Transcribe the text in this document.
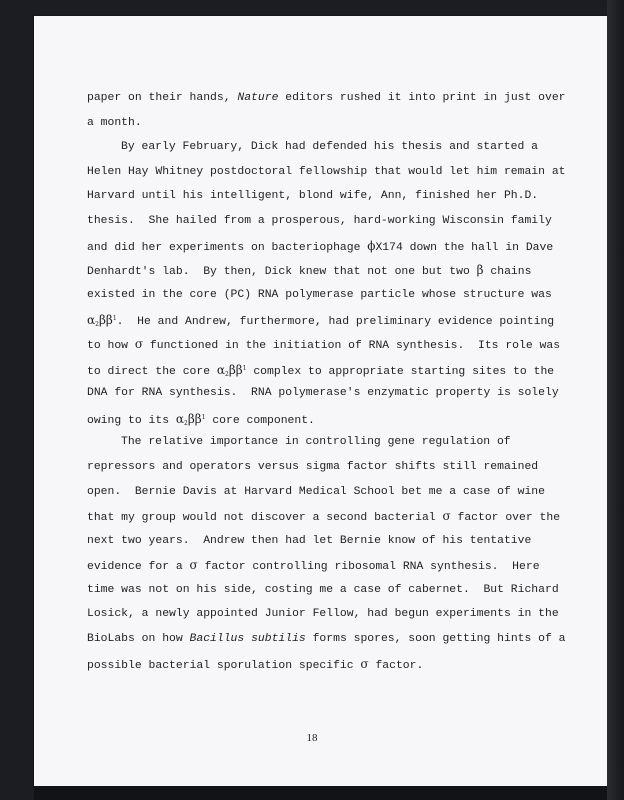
paper on their hands, Nature editors rushed it into print in just over
a month.
By early February, Dick had defended his thesis and started a
Helen Hay Whitney postdoctoral fellowship that would let him remain at
Harvard until his intelligent, blond wife, Ann, finished her Ph.D.
thesis.  She hailed from a prosperous, hard-working Wisconsin family
and did her experiments on bacteriophage ϕX174 down the hall in Dave
Denhardt's lab.  By then, Dick knew that not one but two β chains
existed in the core (PC) RNA polymerase particle whose structure was
$\alpha_2\beta\beta^1$.  He and Andrew, furthermore, had preliminary evidence pointing
to how σ functioned in the initiation of RNA synthesis.  Its role was
to direct the core $\alpha_2\beta\beta^1$ complex to appropriate starting sites to the
DNA for RNA synthesis.  RNA polymerase's enzymatic property is solely
owing to its $\alpha_2\beta\beta^1$ core component.
The relative importance in controlling gene regulation of
repressors and operators versus sigma factor shifts still remained
open.  Bernie Davis at Harvard Medical School bet me a case of wine
that my group would not discover a second bacterial σ factor over the
next two years.  Andrew then had let Bernie know of his tentative
evidence for a σ factor controlling ribosomal RNA synthesis.  Here
time was not on his side, costing me a case of cabernet.  But Richard
Losick, a newly appointed Junior Fellow, had begun experiments in the
BioLabs on how Bacillus subtilis forms spores, soon getting hints of a
possible bacterial sporulation specific σ factor.
18
